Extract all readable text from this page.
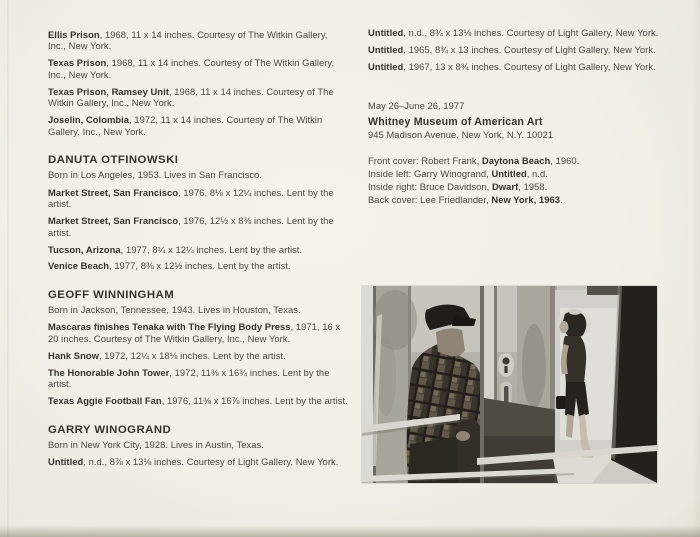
Ellis Prison, 1968, 11 x 14 inches. Courtesy of The Witkin Gallery, Inc., New York.

Texas Prison, 1968, 11 x 14 inches. Courtesy of The Witkin Gallery, Inc., New York.

Texas Prison, Ramsey Unit, 1968, 11 x 14 inches. Courtesy of The Witkin Gallery, Inc., New York.

Joselin, Colombia, 1972, 11 x 14 inches. Courtesy of The Witkin Gallery, Inc., New York.

DANUTA OTFINOWSKI

Born in Los Angeles, 1953. Lives in San Francisco.

Market Street, San Francisco, 1976, 8⅛ x 12¼ inches. Lent by the artist.

Market Street, San Francisco, 1976, 12½ x 8⅜ inches. Lent by the artist.

Tucson, Arizona, 1977, 8¼ x 12¼ inches. Lent by the artist.

Venice Beach, 1977, 8⅜ x 12½ inches. Lent by the artist.

GEOFF WINNINGHAM

Born in Jackson, Tennessee, 1943. Lives in Houston, Texas.

Mascaras finishes Tenaka with The Flying Body Press, 1971, 16 x 20 inches. Courtesy of The Witkin Gallery, Inc., New York.

Hank Snow, 1972, 12¼ x 18⅛ inches. Lent by the artist.

The Honorable John Tower, 1972, 11⅜ x 16¾ inches. Lent by the artist.

Texas Aggie Football Fan, 1976, 11⅜ x 16⅞ inches. Lent by the artist.

GARRY WINOGRAND

Born in New York City, 1928. Lives in Austin, Texas.

Untitled, n.d., 8⅞ x 13⅛ inches. Courtesy of Light Gallery, New York.

Untitled, n.d., 8¾ x 13⅛ inches. Courtesy of Light Gallery, New York.

Untitled, 1965, 8¾ x 13 inches. Courtesy of Light Gallery, New York.

Untitled, 1967, 13 x 8¾ inches. Courtesy of Light Gallery, New York.

May 26–June 26, 1977

Whitney Museum of American Art

945 Madison Avenue, New York, N.Y. 10021

Front cover: Robert Frank, Daytona Beach, 1960.

Inside left: Garry Winogrand, Untitled, n.d.

Inside right: Bruce Davidson, Dwarf, 1958.

Back cover: Lee Friedlander, New York, 1963.
